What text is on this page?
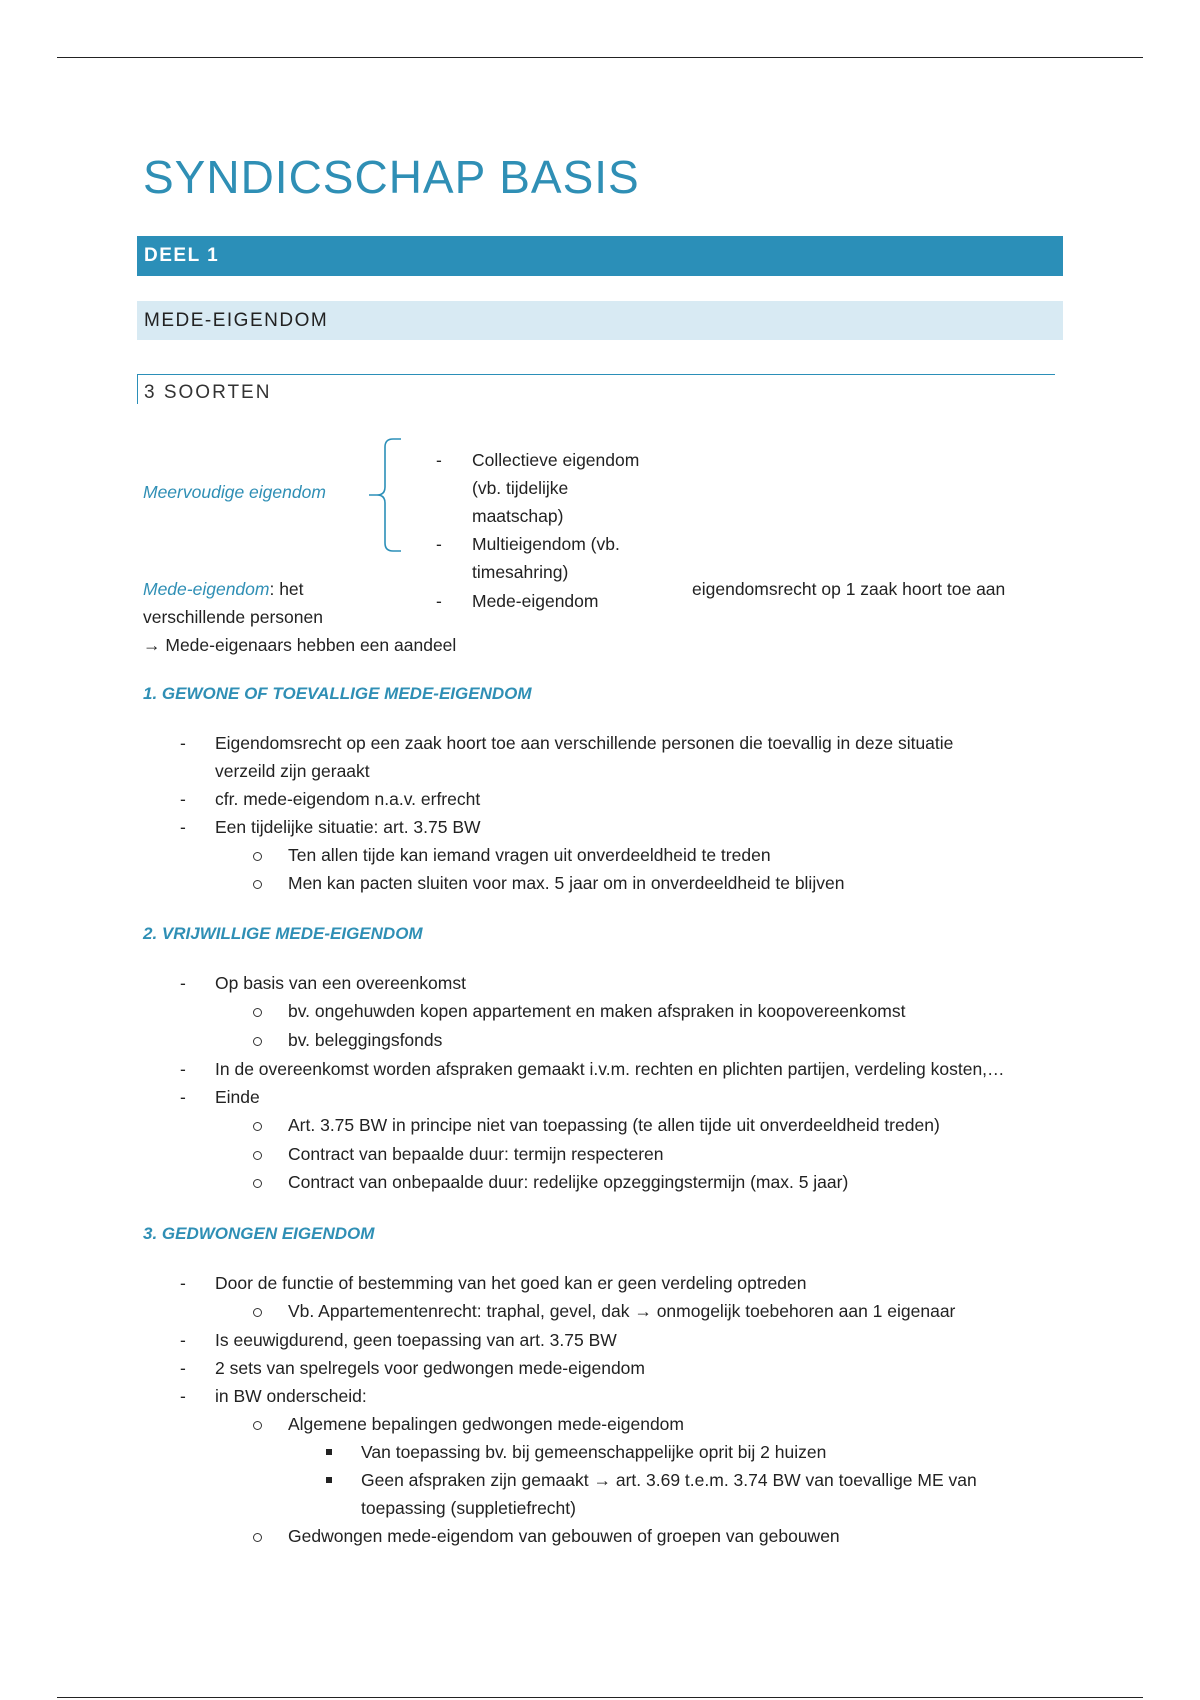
SYNDICSCHAP BASIS
DEEL 1
MEDE-EIGENDOM
3 SOORTEN
Meervoudige eigendom
- Collectieve eigendom
(vb. tijdelijke
maatschap)
- Multieigendom (vb.
timesahring)
- Mede-eigendom
Mede-eigendom: het	eigendomsrecht op 1 zaak hoort toe aan
verschillende personen
→ Mede-eigenaars hebben een aandeel
1. GEWONE OF TOEVALLIGE MEDE-EIGENDOM
- Eigendomsrecht op een zaak hoort toe aan verschillende personen die toevallig in deze situatie
verzeild zijn geraakt
- cfr. mede-eigendom n.a.v. erfrecht
- Een tijdelijke situatie: art. 3.75 BW
Ten allen tijde kan iemand vragen uit onverdeeldheid te treden
Men kan pacten sluiten voor max. 5 jaar om in onverdeeldheid te blijven
2. VRIJWILLIGE MEDE-EIGENDOM
- Op basis van een overeenkomst
bv. ongehuwden kopen appartement en maken afspraken in koopovereenkomst
bv. beleggingsfonds
- In de overeenkomst worden afspraken gemaakt i.v.m. rechten en plichten partijen, verdeling kosten,…
- Einde
Art. 3.75 BW in principe niet van toepassing (te allen tijde uit onverdeeldheid treden)
Contract van bepaalde duur: termijn respecteren
Contract van onbepaalde duur: redelijke opzeggingstermijn (max. 5 jaar)
3. GEDWONGEN EIGENDOM
- Door de functie of bestemming van het goed kan er geen verdeling optreden
Vb. Appartementenrecht: traphal, gevel, dak → onmogelijk toebehoren aan 1 eigenaar
- Is eeuwigdurend, geen toepassing van art. 3.75 BW
- 2 sets van spelregels voor gedwongen mede-eigendom
- in BW onderscheid:
Algemene bepalingen gedwongen mede-eigendom
Van toepassing bv. bij gemeenschappelijke oprit bij 2 huizen
Geen afspraken zijn gemaakt → art. 3.69 t.e.m. 3.74 BW van toevallige ME van
toepassing (suppletiefrecht)
Gedwongen mede-eigendom van gebouwen of groepen van gebouwen
